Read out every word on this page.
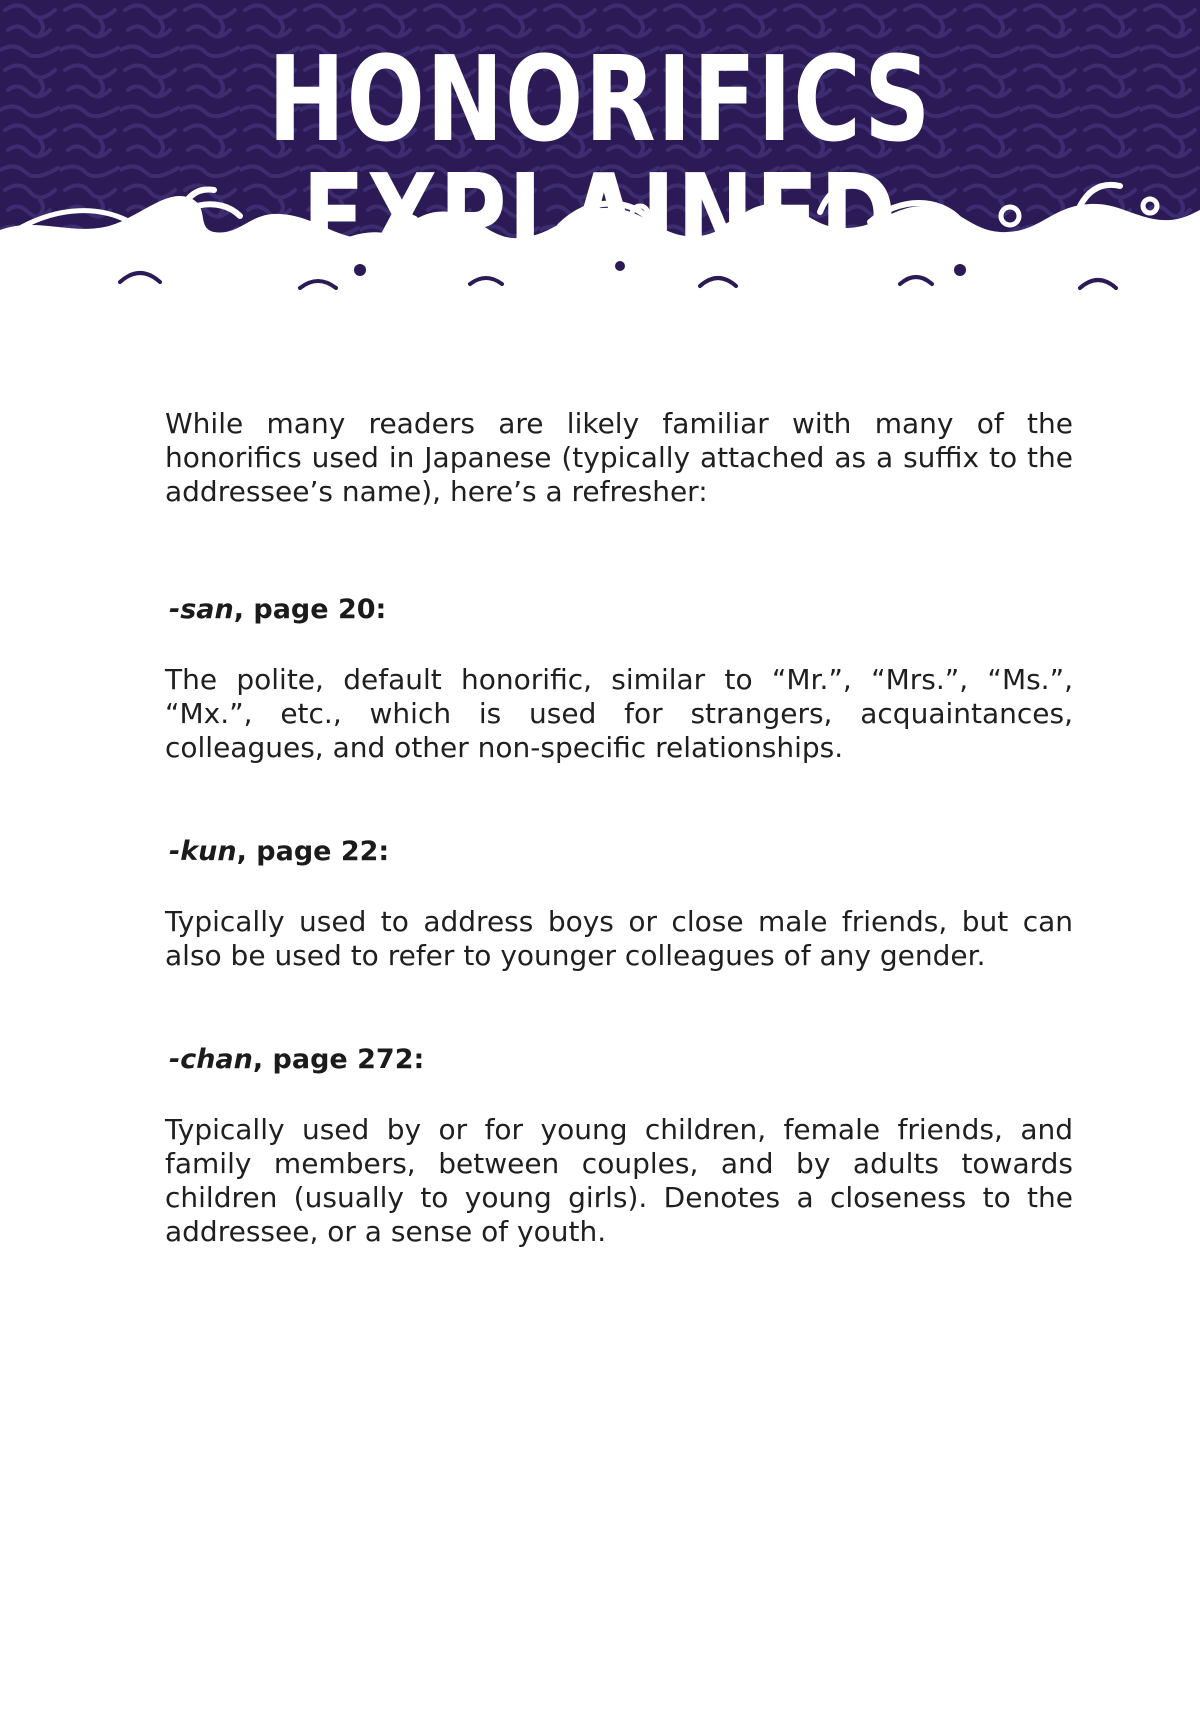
HONORIFICS EXPLAINED

While many readers are likely familiar with many of the honorifics used in Japanese (typically attached as a suffix to the addressee’s name), here’s a refresher:

-san, page 20:

The polite, default honorific, similar to “Mr.”, “Mrs.”, “Ms.”, “Mx.”, etc., which is used for strangers, acquaintances, colleagues, and other non-specific relationships.

-kun, page 22:

Typically used to address boys or close male friends, but can also be used to refer to younger colleagues of any gender.

-chan, page 272:

Typically used by or for young children, female friends, and family members, between couples, and by adults towards children (usually to young girls). Denotes a closeness to the addressee, or a sense of youth.
